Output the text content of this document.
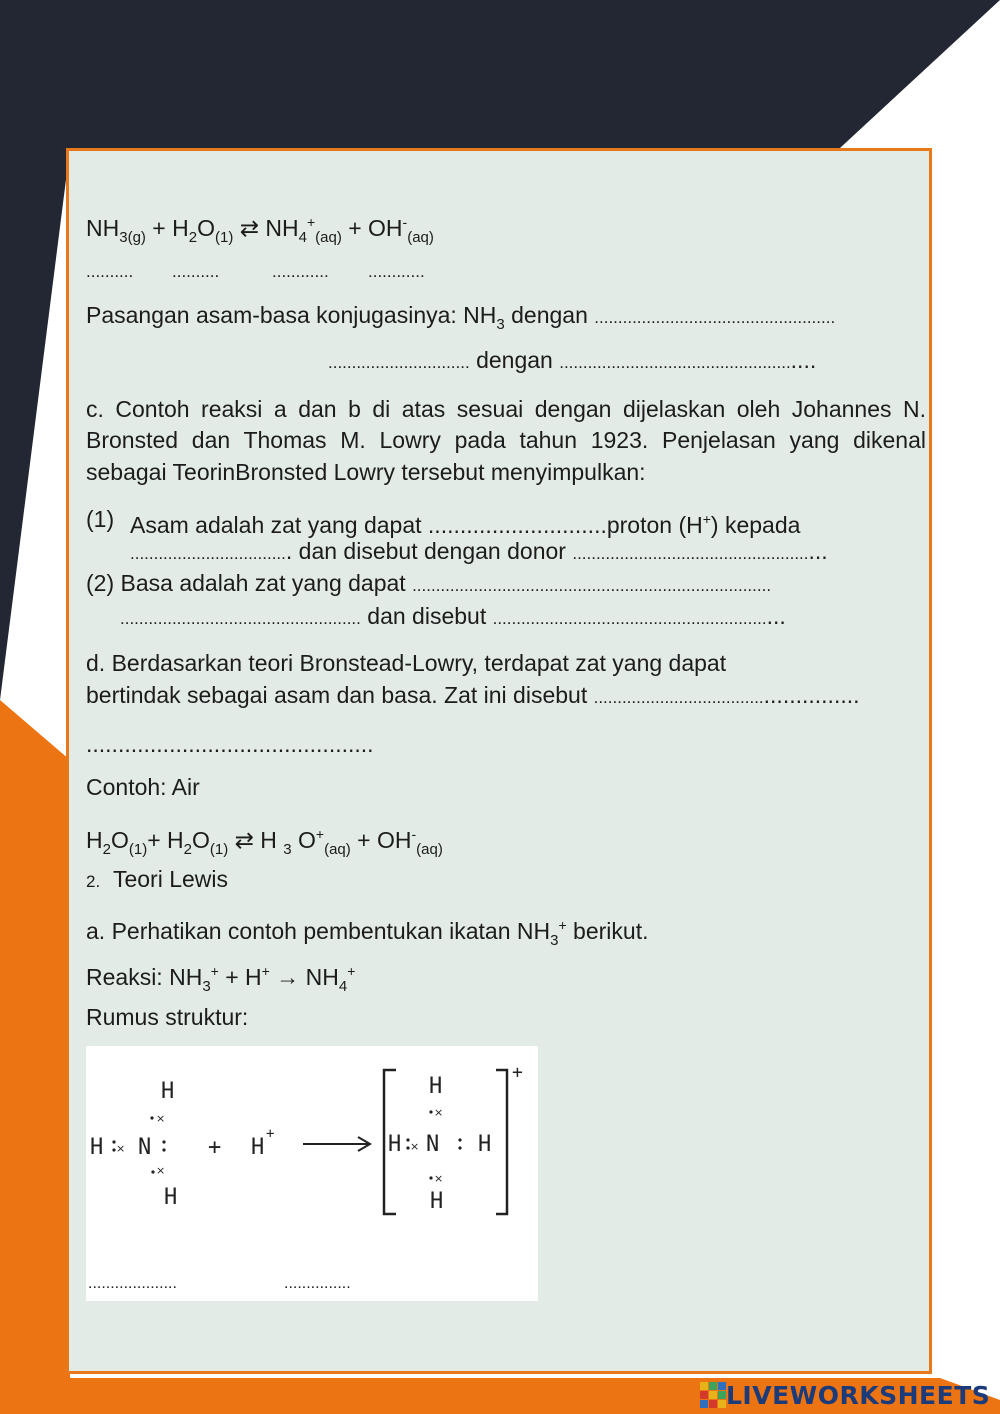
$NH_{3(g)} + H_2O_{(1)}$ ⇄ $NH_4^+_{(aq)} + OH^-_{(aq)}$
.......... ..........	............ ............
Pasangan asam-basa konjugasinya: $NH_3$ dengan ...................................................
.............................. dengan .....................................................
c. Contoh reaksi a dan b di atas sesuai dengan dijelaskan oleh Johannes N.
Bronsted dan Thomas M. Lowry pada tahun 1923. Penjelasan yang dikenal
sebagai TeorinBronsted Lowry tersebut menyimpulkan:
(1) Asam adalah zat yang dapat ............................proton (H+) kepada
.................................. dan disebut dengan donor .....................................................
(2) Basa adalah zat yang dapat ............................................................................
................................................... dan disebut .............................................................
d. Berdasarkan teori Bronstead-Lowry, terdapat zat yang dapat
bertindak sebagai asam dan basa. Zat ini disebut ...................................................
.............................................
Contoh: Air
$H_2O_{(1)}+ H_2O_{(1)}$ ⇄ H $_3$ $O^+_{(aq)} + OH^-_{(aq)}$
2. Teori Lewis
a. Perhatikan contoh pembentukan ikatan $NH_3^+$ berikut.
Reaksi: $NH_3^+ + H^+ \to NH_4^+$
Rumus struktur:
H
H N
H
+ H
+
H
H N H
H
+
×
×
×
×
×
×
....................	...............
LIVEWORKSHEETS
